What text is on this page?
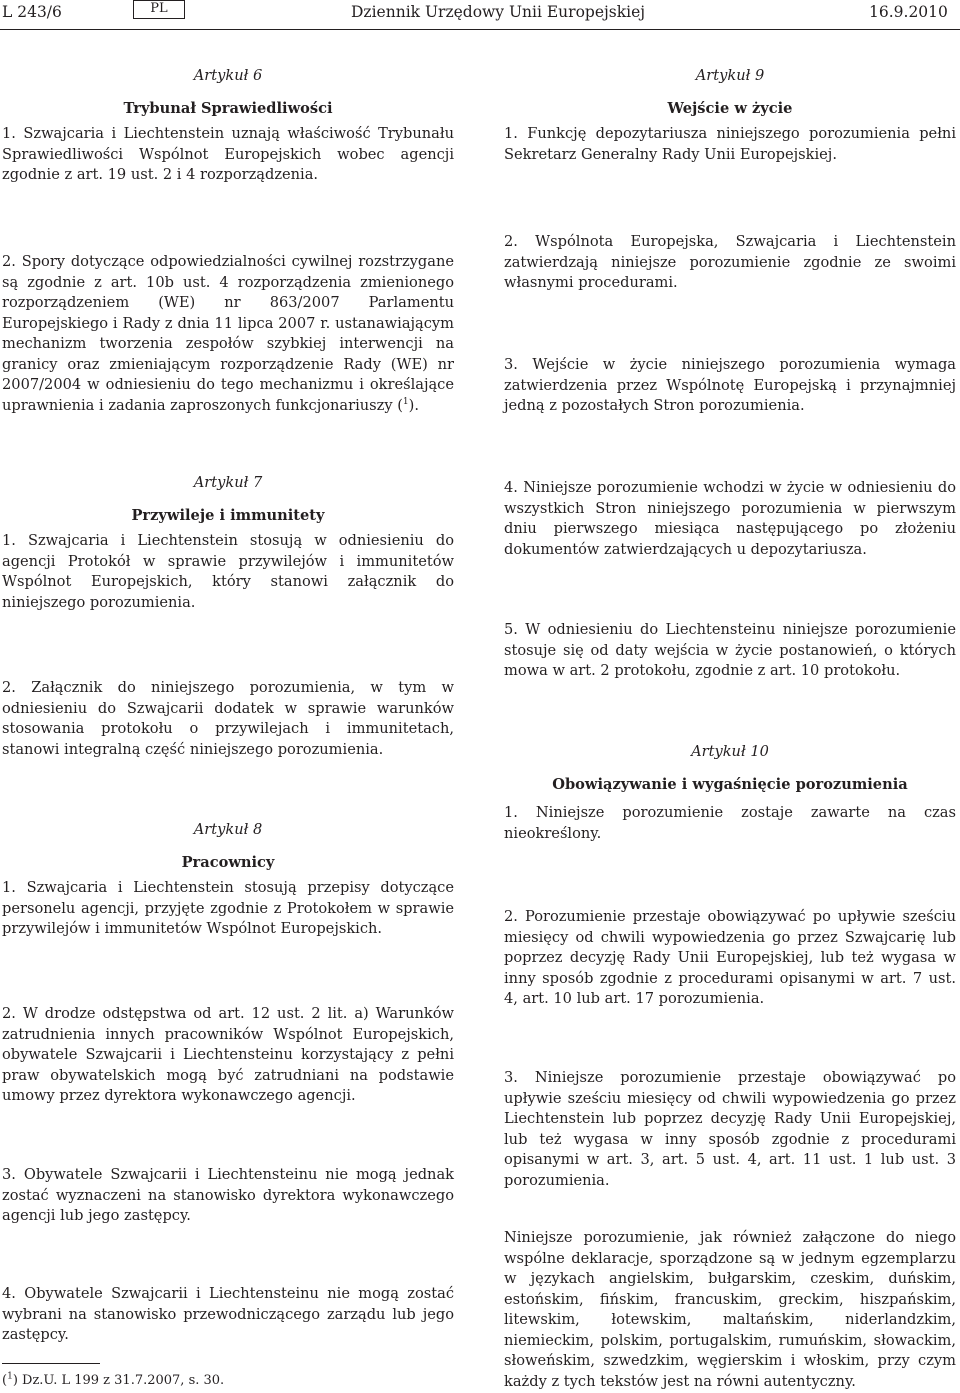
L 243/6	PL	Dziennik Urzędowy Unii Europejskiej	16.9.2010
Artykuł 6
Trybunał Sprawiedliwości

1. Szwajcaria i Liechtenstein uznają właściwość Trybunału Sprawiedliwości Wspólnot Europejskich wobec agencji zgodnie z art. 19 ust. 2 i 4 rozporządzenia.

2. Spory dotyczące odpowiedzialności cywilnej rozstrzygane są zgodnie z art. 10b ust. 4 rozporządzenia zmienionego rozporządzeniem (WE) nr 863/2007 Parlamentu Europejskiego i Rady z dnia 11 lipca 2007 r. ustanawiającym mechanizm tworzenia zespołów szybkiej interwencji na granicy oraz zmieniającym rozporządzenie Rady (WE) nr 2007/2004 w odniesieniu do tego mechanizmu i określające uprawnienia i zadania zaproszonych funkcjonariuszy ($^1$).

Artykuł 7
Przywileje i immunitety

1. Szwajcaria i Liechtenstein stosują w odniesieniu do agencji Protokół w sprawie przywilejów i immunitetów Wspólnot Europejskich, który stanowi załącznik do niniejszego porozumienia.

2. Załącznik do niniejszego porozumienia, w tym w odniesieniu do Szwajcarii dodatek w sprawie warunków stosowania protokołu o przywilejach i immunitetach, stanowi integralną część niniejszego porozumienia.

Artykuł 8
Pracownicy

1. Szwajcaria i Liechtenstein stosują przepisy dotyczące personelu agencji, przyjęte zgodnie z Protokołem w sprawie przywilejów i immunitetów Wspólnot Europejskich.

2. W drodze odstępstwa od art. 12 ust. 2 lit. a) Warunków zatrudnienia innych pracowników Wspólnot Europejskich, obywatele Szwajcarii i Liechtensteinu korzystający z pełni praw obywatelskich mogą być zatrudniani na podstawie umowy przez dyrektora wykonawczego agencji.

3. Obywatele Szwajcarii i Liechtensteinu nie mogą jednak zostać wyznaczeni na stanowisko dyrektora wykonawczego agencji lub jego zastępcy.

4. Obywatele Szwajcarii i Liechtensteinu nie mogą zostać wybrani na stanowisko przewodniczącego zarządu lub jego zastępcy.

($^1$) Dz.U. L 199 z 31.7.2007, s. 30.
Artykuł 9
Wejście w życie

1. Funkcję depozytariusza niniejszego porozumienia pełni Sekretarz Generalny Rady Unii Europejskiej.

2. Wspólnota Europejska, Szwajcaria i Liechtenstein zatwierdzają niniejsze porozumienie zgodnie ze swoimi własnymi procedurami.

3. Wejście w życie niniejszego porozumienia wymaga zatwierdzenia przez Wspólnotę Europejską i przynajmniej jedną z pozostałych Stron porozumienia.

4. Niniejsze porozumienie wchodzi w życie w odniesieniu do wszystkich Stron niniejszego porozumienia w pierwszym dniu pierwszego miesiąca następującego po złożeniu dokumentów zatwierdzających u depozytariusza.

5. W odniesieniu do Liechtensteinu niniejsze porozumienie stosuje się od daty wejścia w życie postanowień, o których mowa w art. 2 protokołu, zgodnie z art. 10 protokołu.

Artykuł 10
Obowiązywanie i wygaśnięcie porozumienia

1. Niniejsze porozumienie zostaje zawarte na czas nieokreślony.

2. Porozumienie przestaje obowiązywać po upływie sześciu miesięcy od chwili wypowiedzenia go przez Szwajcarię lub poprzez decyzję Rady Unii Europejskiej, lub też wygasa w inny sposób zgodnie z procedurami opisanymi w art. 7 ust. 4, art. 10 lub art. 17 porozumienia.

3. Niniejsze porozumienie przestaje obowiązywać po upływie sześciu miesięcy od chwili wypowiedzenia go przez Liechtenstein lub poprzez decyzję Rady Unii Europejskiej, lub też wygasa w inny sposób zgodnie z procedurami opisanymi w art. 3, art. 5 ust. 4, art. 11 ust. 1 lub ust. 3 porozumienia.

Niniejsze porozumienie, jak również załączone do niego wspólne deklaracje, sporządzone są w jednym egzemplarzu w językach angielskim, bułgarskim, czeskim, duńskim, estońskim, fińskim, francuskim, greckim, hiszpańskim, litewskim, łotewskim, maltańskim, niderlandzkim, niemieckim, polskim, portugalskim, rumuńskim, słowackim, słoweńskim, szwedzkim, węgierskim i włoskim, przy czym każdy z tych tekstów jest na równi autentyczny.
